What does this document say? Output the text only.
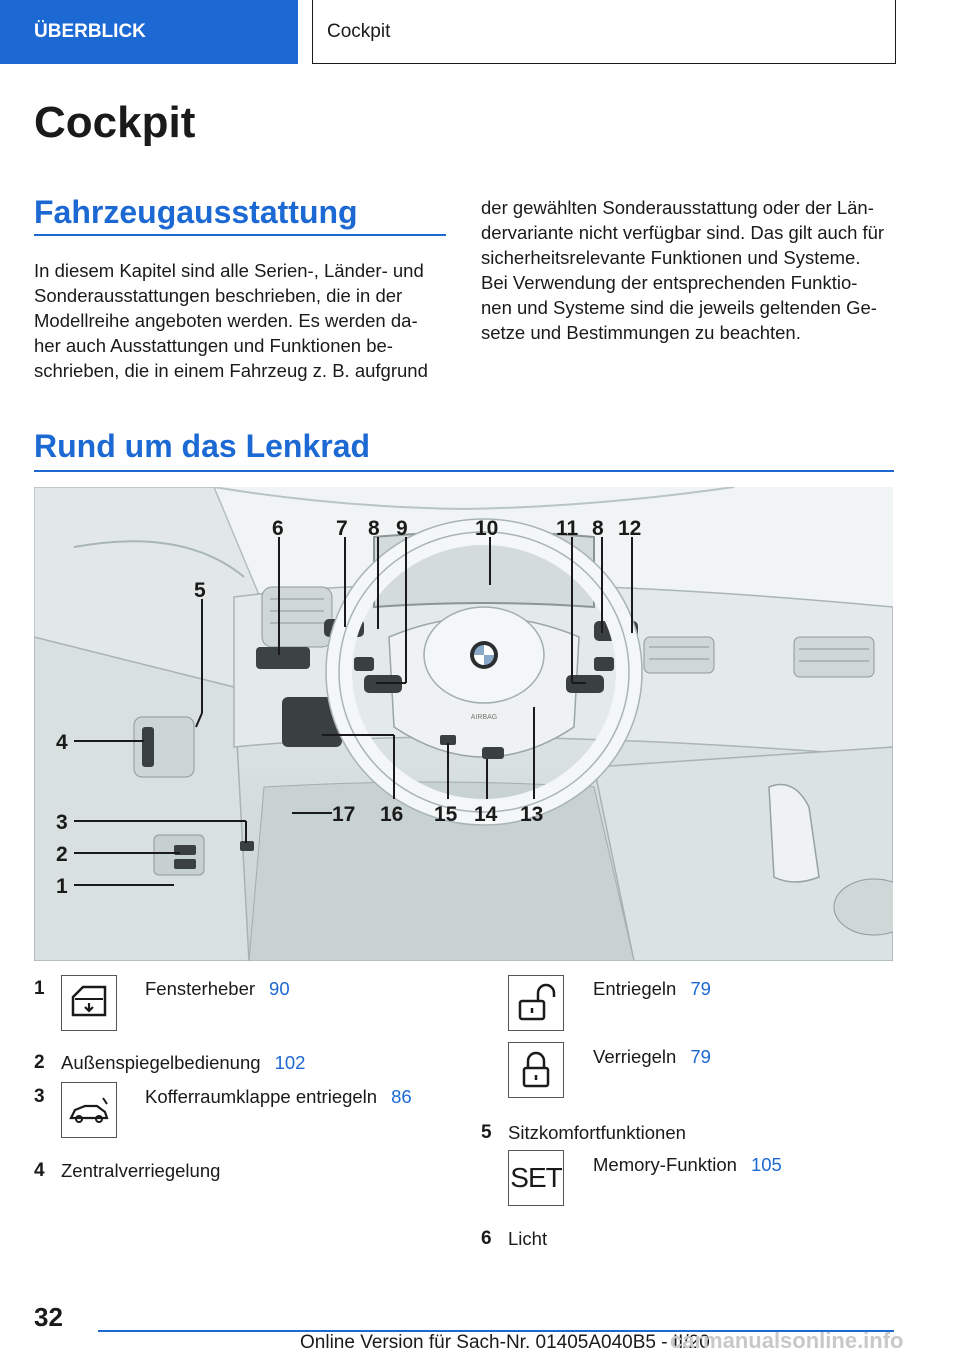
ÜBERBLICK	Cockpit
Cockpit
Fahrzeugausstattung
In diesem Kapitel sind alle Serien-, Länder- und
Sonderausstattungen beschrieben, die in der
Modellreihe angeboten werden. Es werden da-
her auch Ausstattungen und Funktionen be-
schrieben, die in einem Fahrzeug z. B. aufgrund
der gewählten Sonderausstattung oder der Län-
dervariante nicht verfügbar sind. Das gilt auch für
sicherheitsrelevante Funktionen und Systeme.
Bei Verwendung der entsprechenden Funktio-
nen und Systeme sind die jeweils geltenden Ge-
setze und Bestimmungen zu beachten.
Rund um das Lenkrad
AIRBAG
6 7 8 9	10	11 8 12
5
4
3
2
1
17 16 15 14 13
1	Fensterheber 90
2 Außenspiegelbedienung 102
3	Kofferraumklappe entriegeln 86
4 Zentralverriegelung
Entriegeln 79
Verriegeln 79
5 Sitzkomfortfunktionen
SET Memory-Funktion 105
6 Licht
32
Online Version für Sach-Nr. 01405A040B5 - II/20
carmanualsonline.info
